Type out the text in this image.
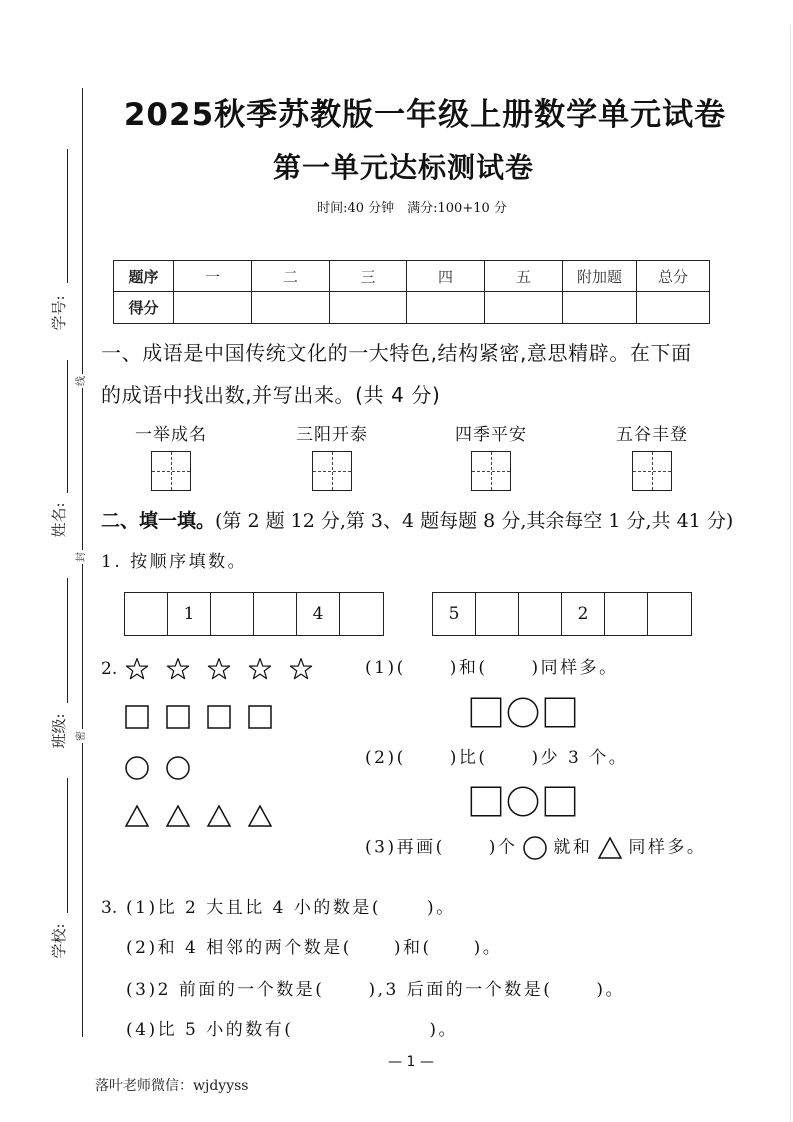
学号:
姓名:
班级:
学校:
线
封
密
2025秋季苏教版一年级上册数学单元试卷
第一单元达标测试卷
时间:40 分钟　满分:100+10 分
题序	一	二	三	四	五	附加题	总分
得分							
一、成语是中国传统文化的一大特色,结构紧密,意思精辟。在下面
的成语中找出数,并写出来。(共 4 分)
一举成名	三阳开泰	四季平安	五谷丰登
二、填一填。(第 2 题 12 分,第 3、4 题每题 8 分,其余每空 1 分,共 41 分)
1. 按顺序填数。
1	4	5	2
2.	(1)(	)和(	)同样多。
(2)(	)比(	)少 3 个。
(3)再画(	)个 就和 同样多。
3. (1)比 2 大且比 4 小的数是(	)。
(2)和 4 相邻的两个数是( )和( )。
(3)2 前面的一个数是(	),3 后面的一个数是(	)。
(4)比 5 小的数有(	)。
— 1 —
落叶老师微信：wjdyyss
